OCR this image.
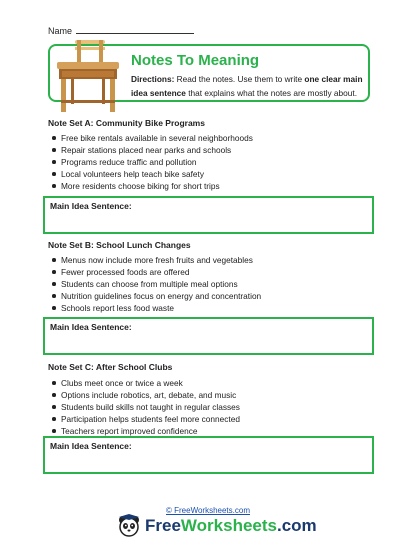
Name
Notes To Meaning
Directions: Read the notes. Use them to write one clear main idea sentence that explains what the notes are mostly about.
Note Set A: Community Bike Programs
Free bike rentals available in several neighborhoods
Repair stations placed near parks and schools
Programs reduce traffic and pollution
Local volunteers help teach bike safety
More residents choose biking for short trips
Main Idea Sentence:
Note Set B: School Lunch Changes
Menus now include more fresh fruits and vegetables
Fewer processed foods are offered
Students can choose from multiple meal options
Nutrition guidelines focus on energy and concentration
Schools report less food waste
Main Idea Sentence:
Note Set C: After School Clubs
Clubs meet once or twice a week
Options include robotics, art, debate, and music
Students build skills not taught in regular classes
Participation helps students feel more connected
Teachers report improved confidence
Main Idea Sentence:
© FreeWorksheets.com
FreeWorksheets.com
